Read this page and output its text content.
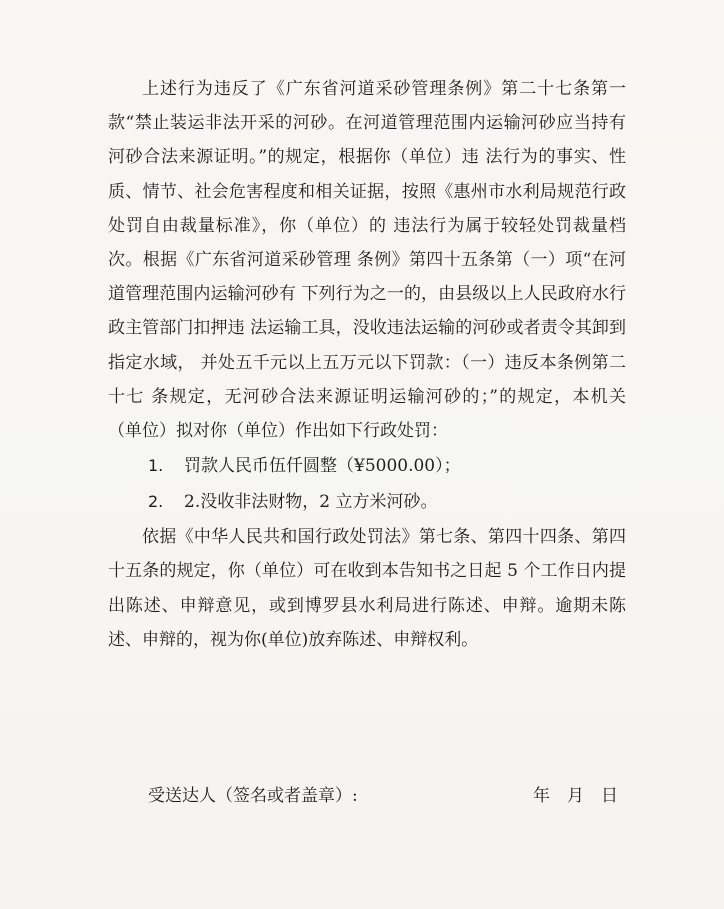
上述行为违反了《广东省河道采砂管理条例》第二十七条第一款“禁止装运非法开采的河砂。在河道管理范围内运输河砂应当持有河砂合法来源证明。”的规定，根据你（单位）违 法行为的事实、性质、情节、社会危害程度和相关证据，按照《惠州市水利局规范行政处罚自由裁量标准》，你（单位）的 违法行为属于较轻处罚裁量档次。根据《广东省河道采砂管理 条例》第四十五条第（一）项“在河道管理范围内运输河砂有 下列行为之一的，由县级以上人民政府水行政主管部门扣押违 法运输工具，没收违法运输的河砂或者责令其卸到指定水域， 并处五千元以上五万元以下罚款：（一）违反本条例第二十七 条规定，无河砂合法来源证明运输河砂的；”的规定，本机关 （单位）拟对你（单位）作出如下行政处罚：

1. 罚款人民币伍仟圆整（¥5000.00）；
2. 2.没收非法财物，2 立方米河砂。

依据《中华人民共和国行政处罚法》第七条、第四十四条、第四十五条的规定，你（单位）可在收到本告知书之日起 5 个工作日内提出陈述、申辩意见，或到博罗县水利局进行陈述、申辩。逾期未陈述、申辩的，视为你(单位)放弃陈述、申辩权利。

受送达人（签名或者盖章）:	年　月　日
